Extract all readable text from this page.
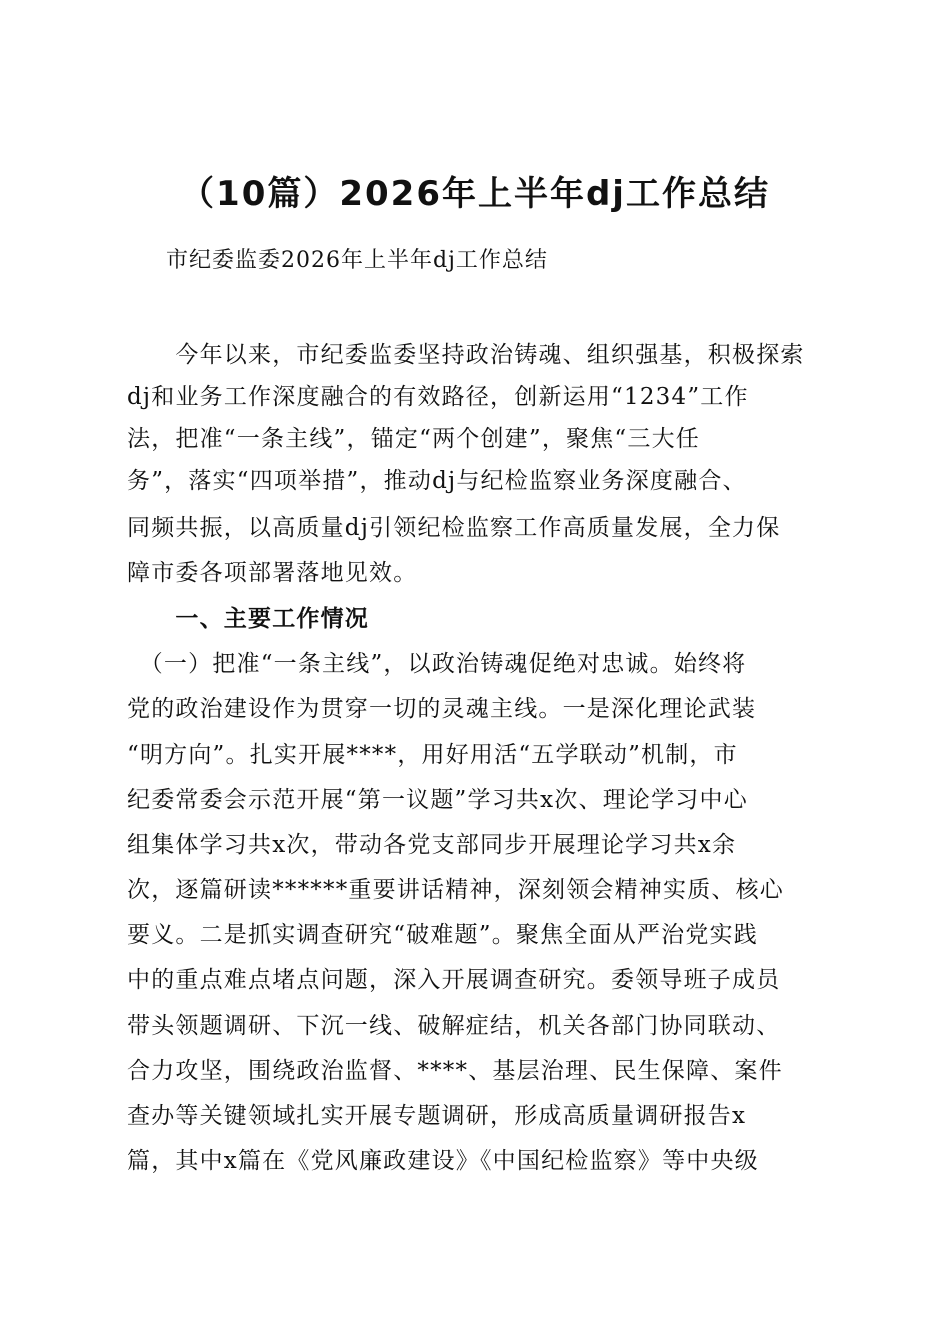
（10篇）2026年上半年dj工作总结
市纪委监委2026年上半年dj工作总结
　　今年以来，市纪委监委坚持政治铸魂、组织强基，积极探索
dj和业务工作深度融合的有效路径，创新运用“1234”工作
法，把准“一条主线”，锚定“两个创建”，聚焦“三大任
务”，落实“四项举措”，推动dj与纪检监察业务深度融合、
同频共振，以高质量dj引领纪检监察工作高质量发展，全力保
障市委各项部署落地见效。
　　一、主要工作情况
　（一）把准“一条主线”，以政治铸魂促绝对忠诚。始终将
党的政治建设作为贯穿一切的灵魂主线。一是深化理论武装
“明方向”。扎实开展****，用好用活“五学联动”机制，市
纪委常委会示范开展“第一议题”学习共x次、理论学习中心
组集体学习共x次，带动各党支部同步开展理论学习共x余
次，逐篇研读******重要讲话精神，深刻领会精神实质、核心
要义。二是抓实调查研究“破难题”。聚焦全面从严治党实践
中的重点难点堵点问题，深入开展调查研究。委领导班子成员
带头领题调研、下沉一线、破解症结，机关各部门协同联动、
合力攻坚，围绕政治监督、****、基层治理、民生保障、案件
查办等关键领域扎实开展专题调研，形成高质量调研报告x
篇，其中x篇在《党风廉政建设》《中国纪检监察》等中央级
